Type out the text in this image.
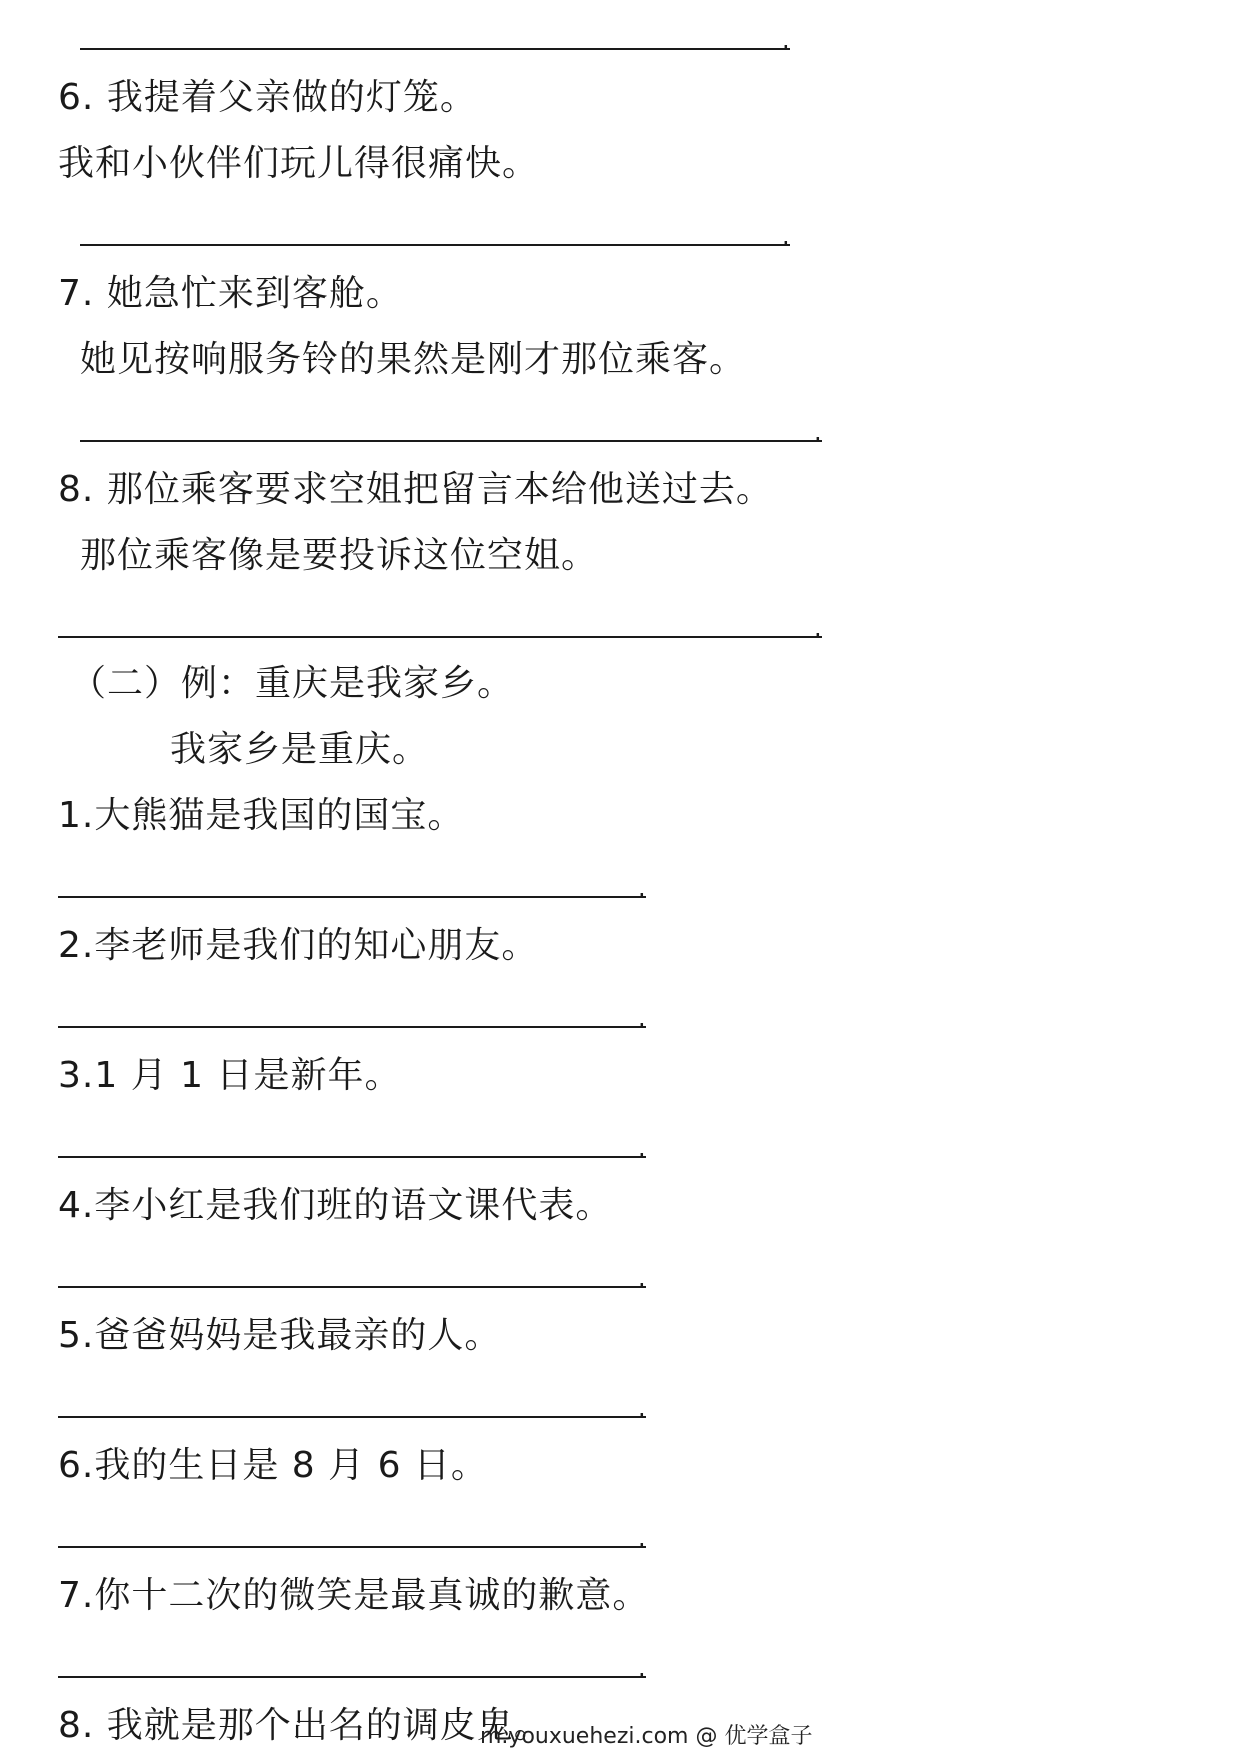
.
6. 我提着父亲做的灯笼。
我和小伙伴们玩儿得很痛快。
.
7. 她急忙来到客舱。
她见按响服务铃的果然是刚才那位乘客。
.
8. 那位乘客要求空姐把留言本给他送过去。
那位乘客像是要投诉这位空姐。
.
（二）例：重庆是我家乡。
我家乡是重庆。
1.大熊猫是我国的国宝。
.
2.李老师是我们的知心朋友。
.
3.1 月 1 日是新年。
.
4.李小红是我们班的语文课代表。
.
5.爸爸妈妈是我最亲的人。
.
6.我的生日是 8 月 6 日。
.
7.你十二次的微笑是最真诚的歉意。
.
8. 我就是那个出名的调皮鬼。
m.youxuehezi.com @ 优学盒子
